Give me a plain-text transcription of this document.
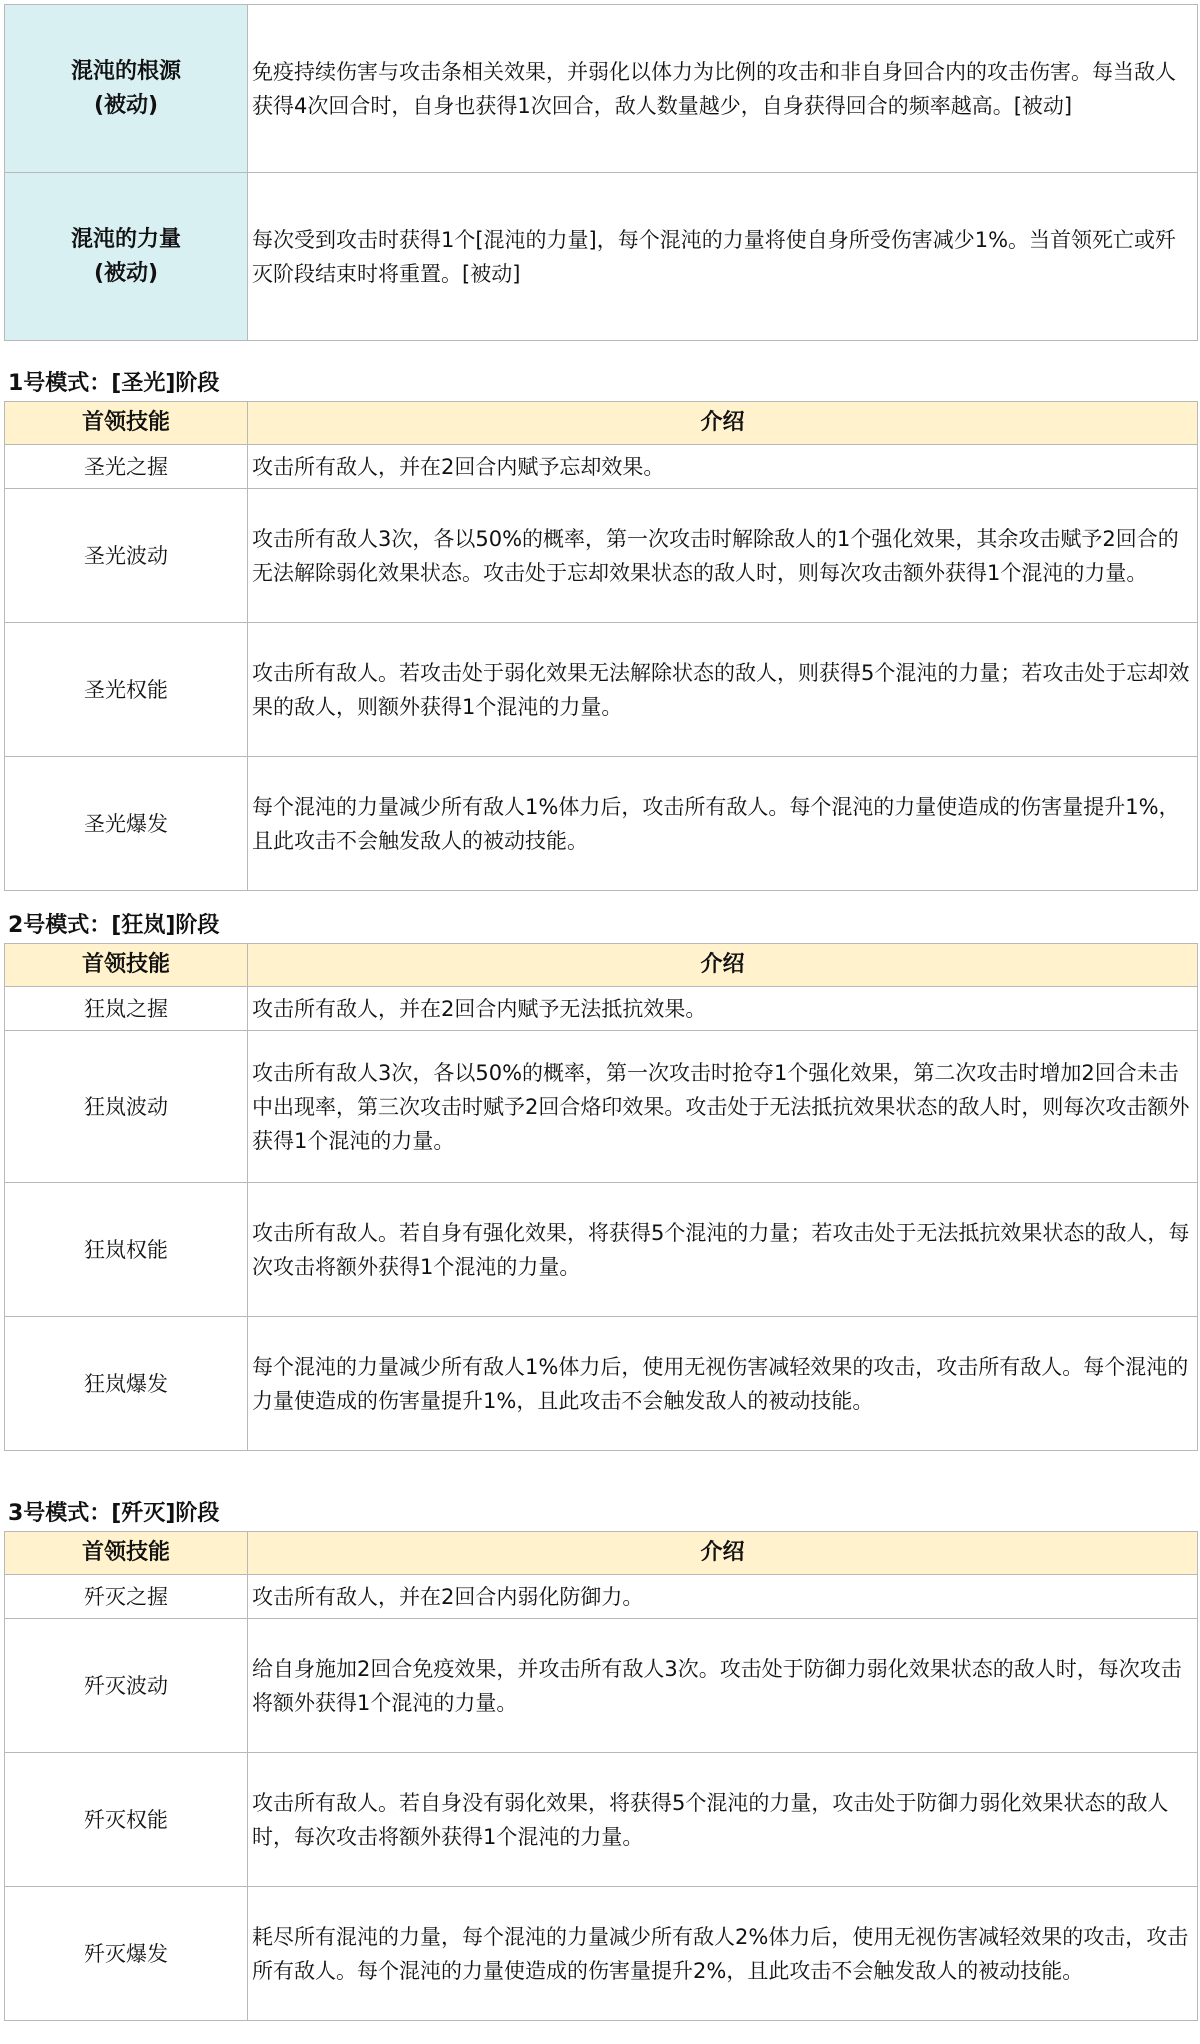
混沌的根源
(被动)	免疫持续伤害与攻击条相关效果，并弱化以体力为比例的攻击和非自身回合内的攻击伤害。每当敌人获得4次回合时，自身也获得1次回合，敌人数量越少，自身获得回合的频率越高。[被动]

混沌的力量
(被动)	每次受到攻击时获得1个[混沌的力量]，每个混沌的力量将使自身所受伤害减少1%。当首领死亡或歼灭阶段结束时将重置。[被动]
1号模式：[圣光]阶段
首领技能	介绍
圣光之握	攻击所有敌人，并在2回合内赋予忘却效果。
圣光波动	攻击所有敌人3次，各以50%的概率，第一次攻击时解除敌人的1个强化效果，其余攻击赋予2回合的无法解除弱化效果状态。攻击处于忘却效果状态的敌人时，则每次攻击额外获得1个混沌的力量。
圣光权能	攻击所有敌人。若攻击处于弱化效果无法解除状态的敌人，则获得5个混沌的力量；若攻击处于忘却效果的敌人，则额外获得1个混沌的力量。
圣光爆发	每个混沌的力量减少所有敌人1%体力后，攻击所有敌人。每个混沌的力量使造成的伤害量提升1%，且此攻击不会触发敌人的被动技能。
2号模式：[狂岚]阶段
首领技能	介绍
狂岚之握	攻击所有敌人，并在2回合内赋予无法抵抗效果。
狂岚波动	攻击所有敌人3次，各以50%的概率，第一次攻击时抢夺1个强化效果，第二次攻击时增加2回合未击中出现率，第三次攻击时赋予2回合烙印效果。攻击处于无法抵抗效果状态的敌人时，则每次攻击额外获得1个混沌的力量。
狂岚权能	攻击所有敌人。若自身有强化效果，将获得5个混沌的力量；若攻击处于无法抵抗效果状态的敌人，每次攻击将额外获得1个混沌的力量。
狂岚爆发	每个混沌的力量减少所有敌人1%体力后，使用无视伤害减轻效果的攻击，攻击所有敌人。每个混沌的力量使造成的伤害量提升1%，且此攻击不会触发敌人的被动技能。
3号模式：[歼灭]阶段
首领技能	介绍
歼灭之握	攻击所有敌人，并在2回合内弱化防御力。
歼灭波动	给自身施加2回合免疫效果，并攻击所有敌人3次。攻击处于防御力弱化效果状态的敌人时，每次攻击将额外获得1个混沌的力量。
歼灭权能	攻击所有敌人。若自身没有弱化效果，将获得5个混沌的力量，攻击处于防御力弱化效果状态的敌人时，每次攻击将额外获得1个混沌的力量。
歼灭爆发	耗尽所有混沌的力量，每个混沌的力量减少所有敌人2%体力后，使用无视伤害减轻效果的攻击，攻击所有敌人。每个混沌的力量使造成的伤害量提升2%，且此攻击不会触发敌人的被动技能。
